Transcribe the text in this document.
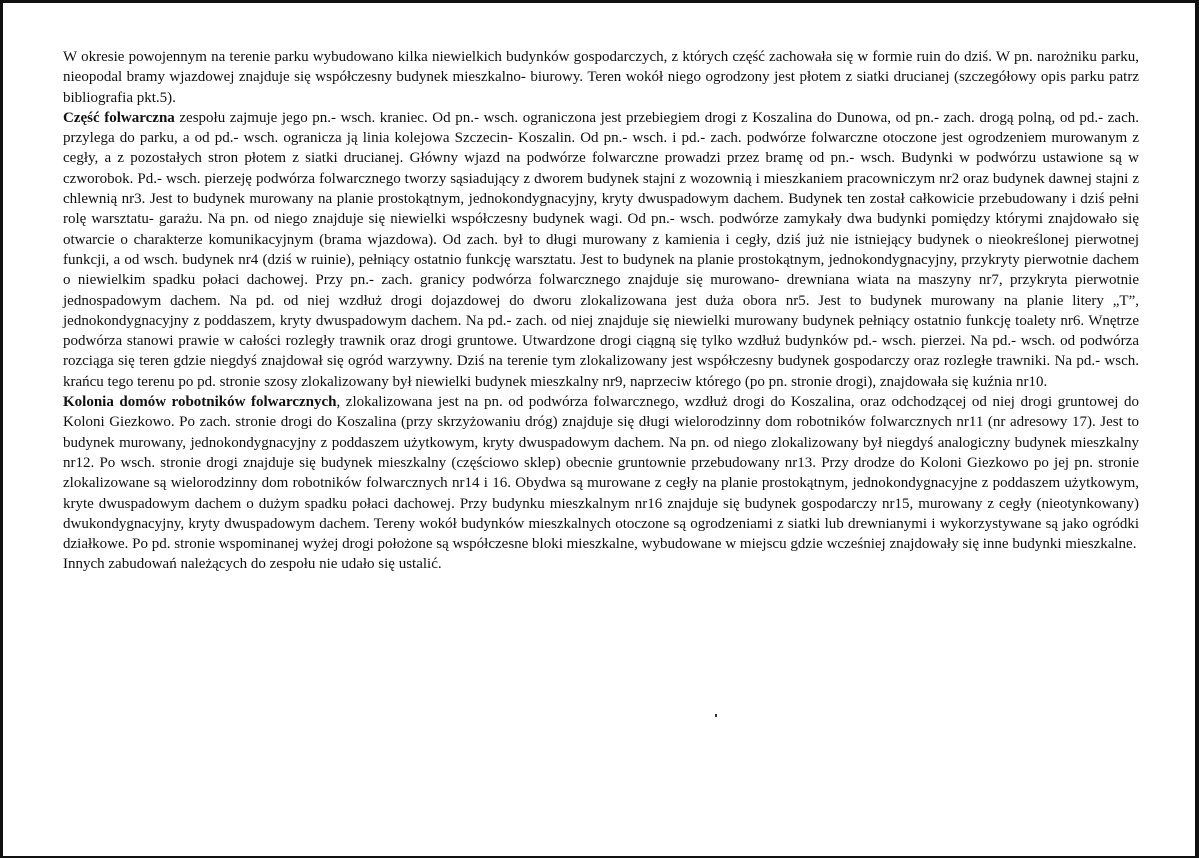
W okresie powojennym na terenie parku wybudowano kilka niewielkich budynków gospodarczych, z których część zachowała się w formie ruin do dziś. W pn. narożniku parku, nieopodal bramy wjazdowej znajduje się współczesny budynek mieszkalno- biurowy. Teren wokół niego ogrodzony jest płotem z siatki drucianej (szczegółowy opis parku patrz bibliografia pkt.5).

Część folwarczna zespołu zajmuje jego pn.- wsch. kraniec. Od pn.- wsch. ograniczona jest przebiegiem drogi z Koszalina do Dunowa, od pn.- zach. drogą polną, od pd.- zach. przylega do parku, a od pd.- wsch. ogranicza ją linia kolejowa Szczecin- Koszalin. Od pn.- wsch. i pd.- zach. podwórze folwarczne otoczone jest ogrodzeniem murowanym z cegły, a z pozostałych stron płotem z siatki drucianej. Główny wjazd na podwórze folwarczne prowadzi przez bramę od pn.- wsch. Budynki w podwórzu ustawione są w czworobok. Pd.- wsch. pierzeję podwórza folwarcznego tworzy sąsiadujący z dworem budynek stajni z wozownią i mieszkaniem pracowniczym nr2 oraz budynek dawnej stajni z chlewnią nr3. Jest to budynek murowany na planie prostokątnym, jednokondygnacyjny, kryty dwuspadowym dachem. Budynek ten został całkowicie przebudowany i dziś pełni rolę warsztatu- garażu. Na pn. od niego znajduje się niewielki współczesny budynek wagi. Od pn.- wsch. podwórze zamykały dwa budynki pomiędzy którymi znajdowało się otwarcie o charakterze komunikacyjnym (brama wjazdowa). Od zach. był to długi murowany z kamienia i cegły, dziś już nie istniejący budynek o nieokreślonej pierwotnej funkcji, a od wsch. budynek nr4 (dziś w ruinie), pełniący ostatnio funkcję warsztatu. Jest to budynek na planie prostokątnym, jednokondygnacyjny, przykryty pierwotnie dachem o niewielkim spadku połaci dachowej. Przy pn.- zach. granicy podwórza folwarcznego znajduje się murowano- drewniana wiata na maszyny nr7, przykryta pierwotnie jednospadowym dachem. Na pd. od niej wzdłuż drogi dojazdowej do dworu zlokalizowana jest duża obora nr5. Jest to budynek murowany na planie litery „T”, jednokondygnacyjny z poddaszem, kryty dwuspadowym dachem. Na pd.- zach. od niej znajduje się niewielki murowany budynek pełniący ostatnio funkcję toalety nr6. Wnętrze podwórza stanowi prawie w całości rozległy trawnik oraz drogi gruntowe. Utwardzone drogi ciągną się tylko wzdłuż budynków pd.- wsch. pierzei. Na pd.- wsch. od podwórza rozciąga się teren gdzie niegdyś znajdował się ogród warzywny. Dziś na terenie tym zlokalizowany jest współczesny budynek gospodarczy oraz rozległe trawniki. Na pd.- wsch. krańcu tego terenu po pd. stronie szosy zlokalizowany był niewielki budynek mieszkalny nr9, naprzeciw którego (po pn. stronie drogi), znajdowała się kuźnia nr10.

Kolonia domów robotników folwarcznych, zlokalizowana jest na pn. od podwórza folwarcznego, wzdłuż drogi do Koszalina, oraz odchodzącej od niej drogi gruntowej do Koloni Giezkowo. Po zach. stronie drogi do Koszalina (przy skrzyżowaniu dróg) znajduje się długi wielorodzinny dom robotników folwarcznych nr11 (nr adresowy 17). Jest to budynek murowany, jednokondygnacyjny z poddaszem użytkowym, kryty dwuspadowym dachem. Na pn. od niego zlokalizowany był niegdyś analogiczny budynek mieszkalny nr12. Po wsch. stronie drogi znajduje się budynek mieszkalny (częściowo sklep) obecnie gruntownie przebudowany nr13. Przy drodze do Koloni Giezkowo po jej pn. stronie zlokalizowane są wielorodzinny dom robotników folwarcznych nr14 i 16. Obydwa są murowane z cegły na planie prostokątnym, jednokondygnacyjne z poddaszem użytkowym, kryte dwuspadowym dachem o dużym spadku połaci dachowej. Przy budynku mieszkalnym nr16 znajduje się budynek gospodarczy nr15, murowany z cegły (nieotynkowany) dwukondygnacyjny, kryty dwuspadowym dachem. Tereny wokół budynków mieszkalnych otoczone są ogrodzeniami z siatki lub drewnianymi i wykorzystywane są jako ogródki działkowe. Po pd. stronie wspominanej wyżej drogi położone są współczesne bloki mieszkalne, wybudowane w miejscu gdzie wcześniej znajdowały się inne budynki mieszkalne.

Innych zabudowań należących do zespołu nie udało się ustalić.
